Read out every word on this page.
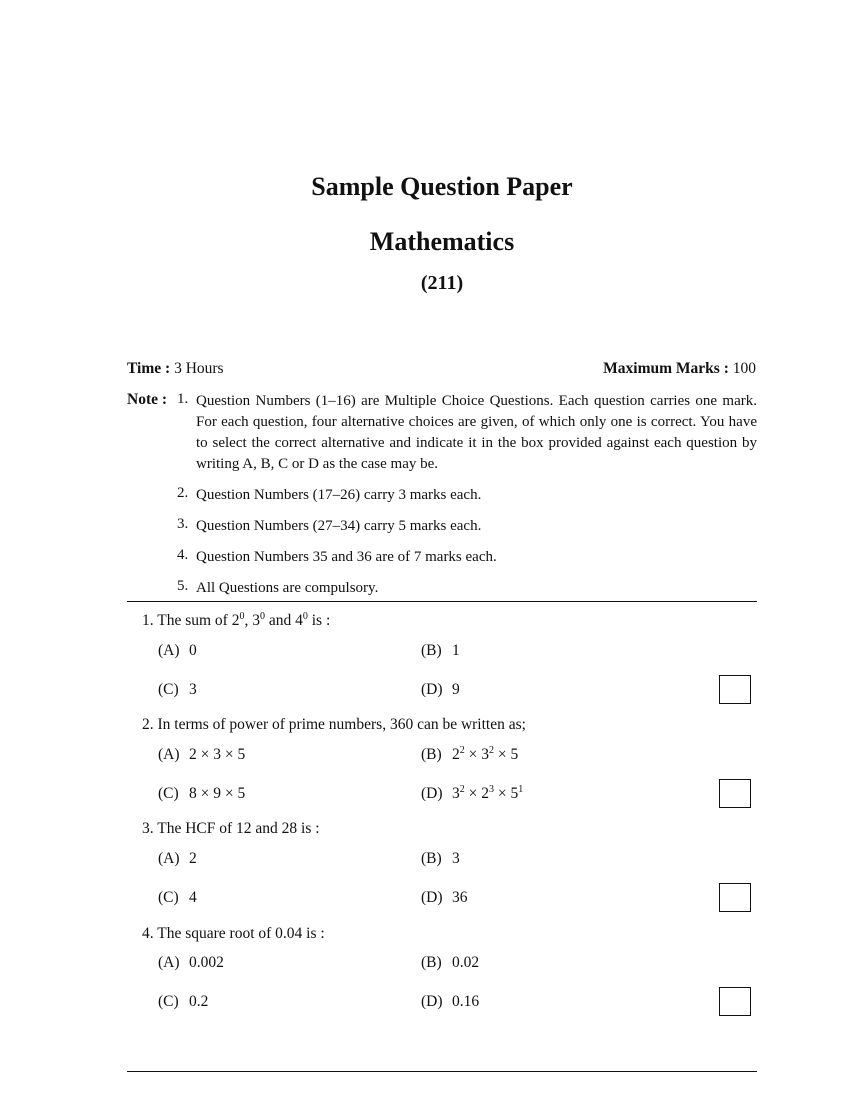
Sample Question Paper
Mathematics
(211)
Time : 3 Hours	Maximum Marks : 100
Note : 1. Question Numbers (1–16) are Multiple Choice Questions. Each question carries one mark. For each question, four alternative choices are given, of which only one is correct. You have to select the correct alternative and indicate it in the box provided against each question by writing A, B, C or D as the case may be.
2. Question Numbers (17–26) carry 3 marks each.
3. Question Numbers (27–34) carry 5 marks each.
4. Question Numbers 35 and 36 are of 7 marks each.
5. All Questions are compulsory.
1. The sum of $2^0$, $3^0$ and $4^0$ is :
(A) 0	(B) 1
(C) 3	(D) 9
2. In terms of power of prime numbers, 360 can be written as;
(A) 2 × 3 × 5	(B) $2^2 \times 3^2 \times 5$
(C) 8 × 9 × 5	(D) $3^2 \times 2^3 \times 5^1$
3. The HCF of 12 and 28 is :
(A) 2	(B) 3
(C) 4	(D) 36
4. The square root of 0.04 is :
(A) 0.002	(B) 0.02
(C) 0.2	(D) 0.16
